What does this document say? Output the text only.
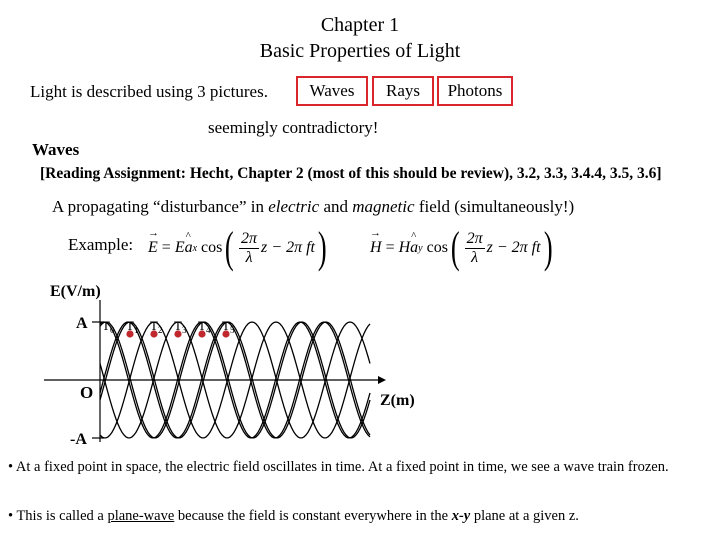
Chapter 1
Basic Properties of Light
Light is described using 3 pictures.	Waves	Rays	Photons
seemingly contradictory!
Waves
[Reading Assignment: Hecht, Chapter 2 (most of this should be review), 3.2, 3.3, 3.4.4, 3.5, 3.6]
A propagating “disturbance” in electric and magnetic field (simultaneously!)
Example: → E = E ^ a x
cos ( $\frac{2\pi}{\lambda}$ z − 2π ft )	→ H = H ^ a y
cos ( $\frac{2\pi}{\lambda}$ z − 2π ft )
$T_0$ $T_1$ $T_2$ $T_3$ $T_4$ $T_5$
E(V/m)
A
O
-A
Z(m)
• At a fixed point in space, the electric field oscillates in time. At a fixed point in time, we see a wave train frozen.
• This is called a plane-wave because the field is constant everywhere in the x-y plane at a given z.
